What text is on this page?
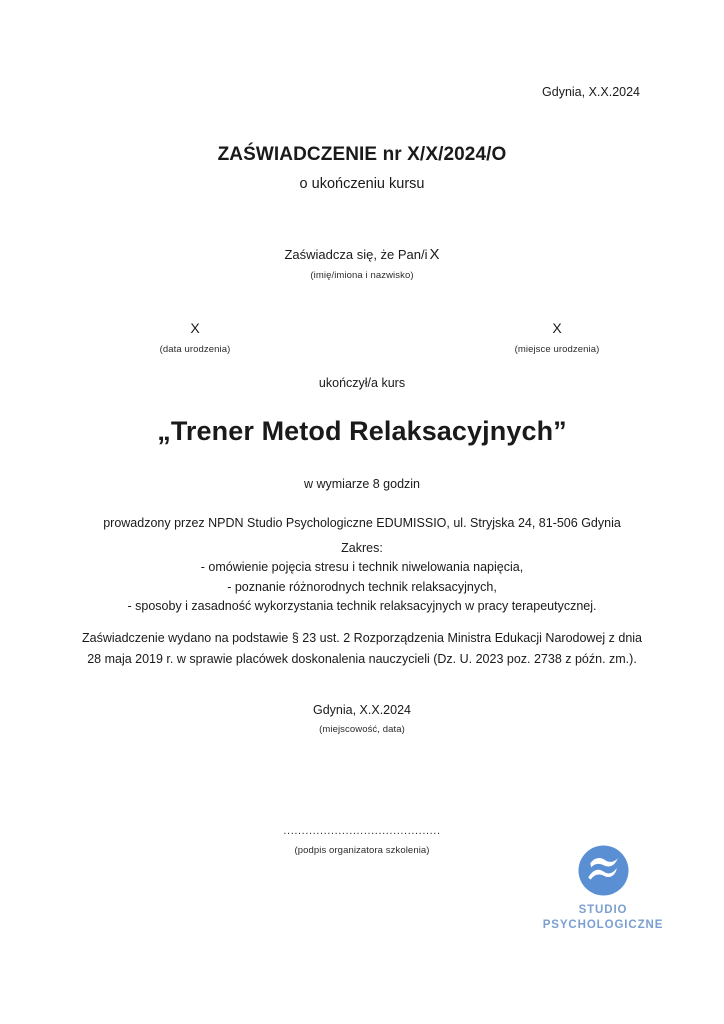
Gdynia, X.X.2024
ZAŚWIADCZENIE nr X/X/2024/O
o ukończeniu kursu
Zaświadcza się, że Pan/i X
(imię/imiona i nazwisko)
X
(data urodzenia)
X
(miejsce urodzenia)
ukończył/a kurs
„Trener Metod Relaksacyjnych”
w wymiarze 8 godzin
prowadzony przez NPDN Studio Psychologiczne EDUMISSIO, ul. Stryjska 24, 81-506 Gdynia
Zakres:
- omówienie pojęcia stresu i technik niwelowania napięcia,
- poznanie różnorodnych technik relaksacyjnych,
- sposoby i zasadność wykorzystania technik relaksacyjnych w pracy terapeutycznej.
Zaświadczenie wydano na podstawie § 23 ust. 2 Rozporządzenia Ministra Edukacji Narodowej z dnia
28 maja 2019 r. w sprawie placówek doskonalenia nauczycieli (Dz. U. 2023 poz. 2738 z późn. zm.).
Gdynia, X.X.2024
(miejscowość, data)
...........................................
(podpis organizatora szkolenia)
STUDIO
PSYCHOLOGICZNE
